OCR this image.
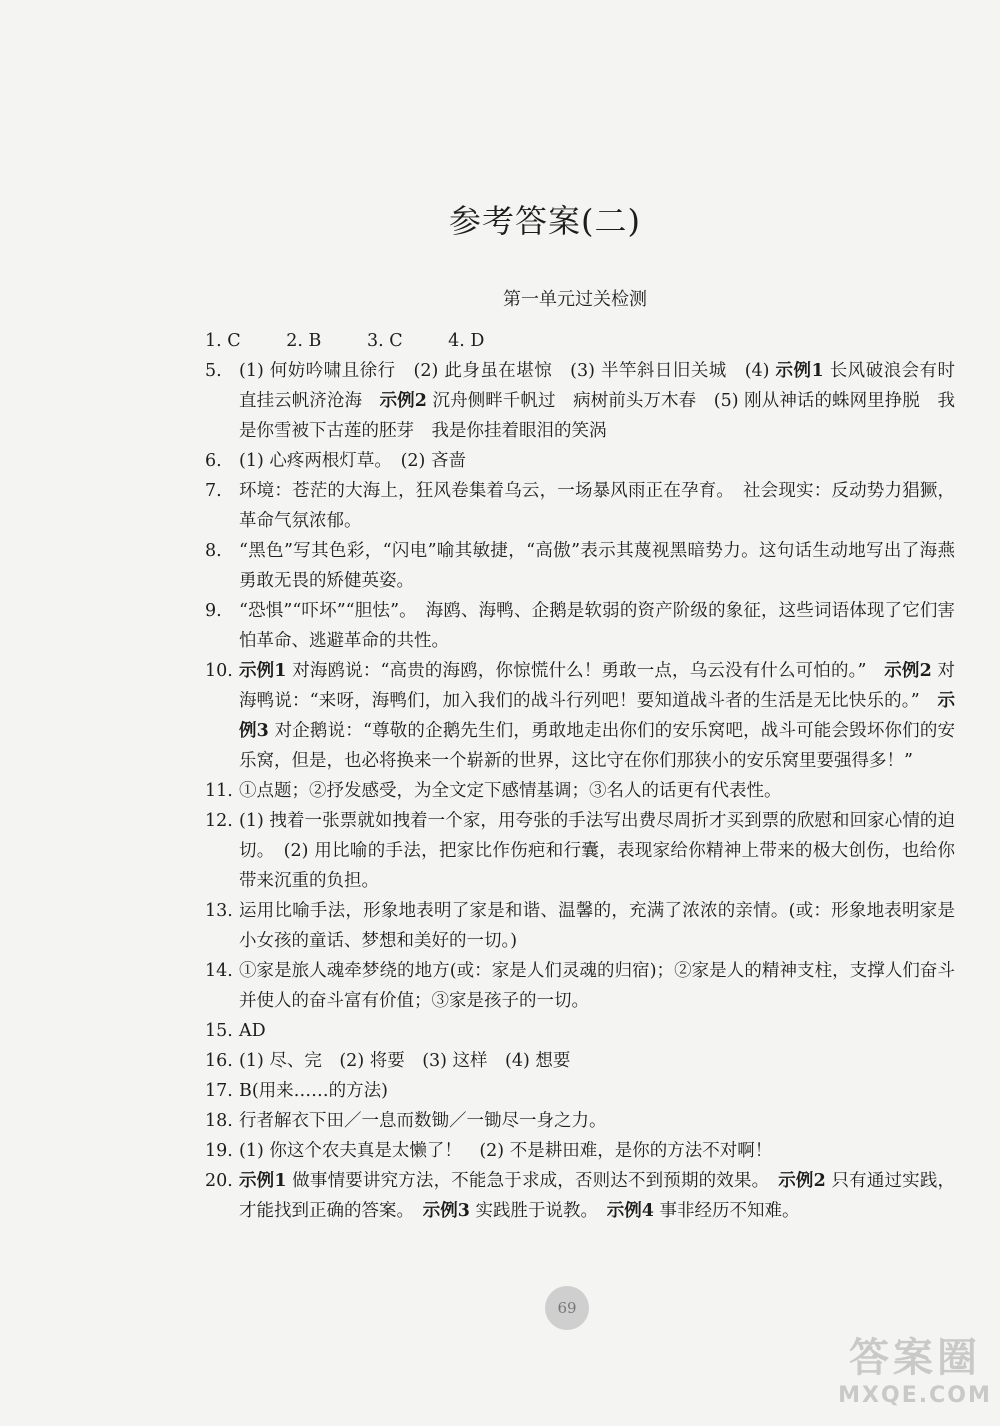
参考答案(二)
第一单元过关检测
1. C	2. B	3. C	4. D
5. (1) 何妨吟啸且徐行　(2) 此身虽在堪惊　(3) 半竿斜日旧关城　(4) 示例1 长风破浪会有时　直挂云帆济沧海　示例2 沉舟侧畔千帆过　病树前头万木春　(5) 刚从神话的蛛网里挣脱　我是你雪被下古莲的胚芽　我是你挂着眼泪的笑涡
6. (1) 心疼两根灯草。　(2) 吝啬
7. 环境：苍茫的大海上，狂风卷集着乌云，一场暴风雨正在孕育。　社会现实：反动势力猖獗，革命气氛浓郁。
8. “黑色”写其色彩，“闪电”喻其敏捷，“高傲”表示其蔑视黑暗势力。这句话生动地写出了海燕勇敢无畏的矫健英姿。
9. “恐惧”“吓坏”“胆怯”。　海鸥、海鸭、企鹅是软弱的资产阶级的象征，这些词语体现了它们害怕革命、逃避革命的共性。
10. 示例1 对海鸥说：“高贵的海鸥，你惊慌什么！勇敢一点，乌云没有什么可怕的。”　示例2 对海鸭说：“来呀，海鸭们，加入我们的战斗行列吧！要知道战斗者的生活是无比快乐的。”　示例3 对企鹅说：“尊敬的企鹅先生们，勇敢地走出你们的安乐窝吧，战斗可能会毁坏你们的安乐窝，但是，也必将换来一个崭新的世界，这比守在你们那狭小的安乐窝里要强得多！”
11. ①点题；②抒发感受，为全文定下感情基调；③名人的话更有代表性。
12. (1) 拽着一张票就如拽着一个家，用夸张的手法写出费尽周折才买到票的欣慰和回家心情的迫切。　(2) 用比喻的手法，把家比作伤疤和行囊，表现家给你精神上带来的极大创伤，也给你带来沉重的负担。
13. 运用比喻手法，形象地表明了家是和谐、温馨的，充满了浓浓的亲情。(或：形象地表明家是小女孩的童话、梦想和美好的一切。)
14. ①家是旅人魂牵梦绕的地方(或：家是人们灵魂的归宿)；②家是人的精神支柱，支撑人们奋斗并使人的奋斗富有价值；③家是孩子的一切。
15. AD
16. (1) 尽、完　(2) 将要　(3) 这样　(4) 想要
17. B(用来……的方法)
18. 行者解衣下田／一息而数锄／一锄尽一身之力。
19. (1) 你这个农夫真是太懒了！　(2) 不是耕田难，是你的方法不对啊！
20. 示例1 做事情要讲究方法，不能急于求成，否则达不到预期的效果。　示例2 只有通过实践，才能找到正确的答案。　示例3 实践胜于说教。　示例4 事非经历不知难。
69
答案圈
MXQE.COM
